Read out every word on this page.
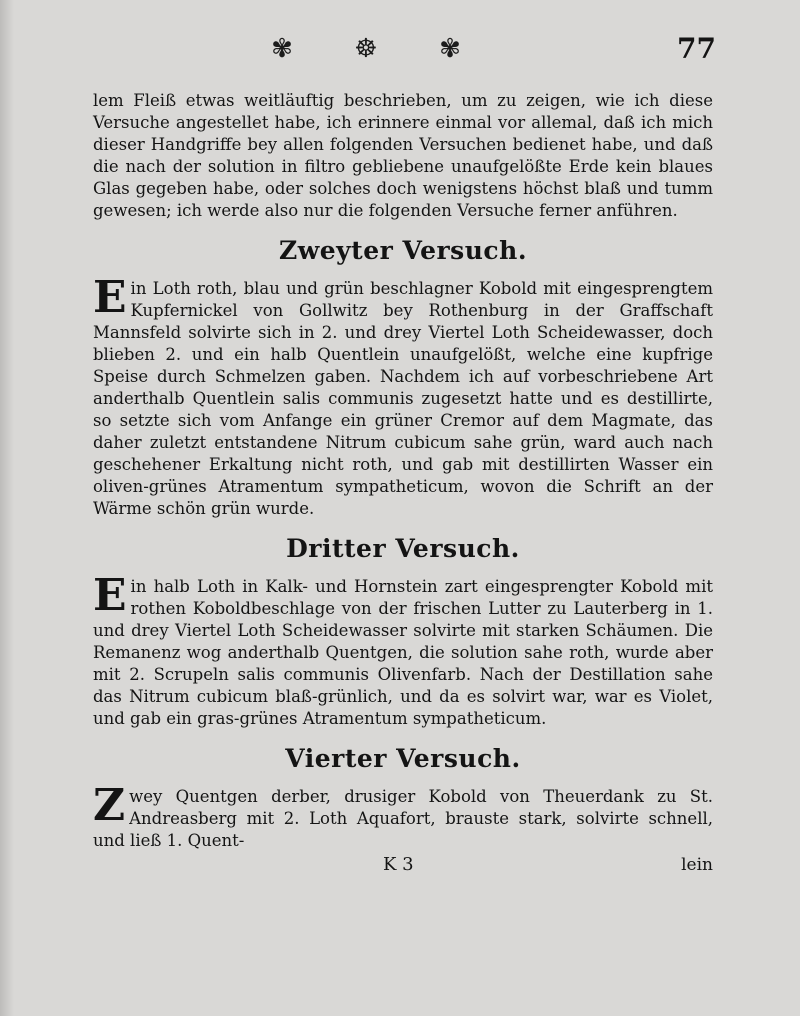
✾ ☸ ✾	77

lem Fleiß etwas weitläuftig beschrieben, um zu zeigen, wie ich diese Versuche angestellet habe, ich erinnere einmal vor allemal, daß ich mich dieser Handgriffe bey allen folgenden Versuchen bedienet habe, und daß die nach der solution in filtro gebliebene unaufgelößte Erde kein blaues Glas gegeben habe, oder solches doch wenigstens höchst blaß und tumm gewesen; ich werde also nur die folgenden Versuche ferner anführen.

Zweyter Versuch.

Ein Loth roth, blau und grün beschlagner Kobold mit eingesprengtem Kupfernickel von Gollwitz bey Rothenburg in der Graffschaft Mannsfeld solvirte sich in 2. und drey Viertel Loth Scheidewasser, doch blieben 2. und ein halb Quentlein unaufgelößt, welche eine kupfrige Speise durch Schmelzen gaben. Nachdem ich auf vorbeschriebene Art anderthalb Quentlein salis communis zugesetzt hatte und es destillirte, so setzte sich vom Anfange ein grüner Cremor auf dem Magmate, das daher zuletzt entstandene Nitrum cubicum sahe grün, ward auch nach geschehener Erkaltung nicht roth, und gab mit destillirten Wasser ein oliven-grünes Atramentum sympatheticum, wovon die Schrift an der Wärme schön grün wurde.

Dritter Versuch.

Ein halb Loth in Kalk- und Hornstein zart eingesprengter Kobold mit rothen Koboldbeschlage von der frischen Lutter zu Lauterberg in 1. und drey Viertel Loth Scheidewasser solvirte mit starken Schäumen. Die Remanenz wog anderthalb Quentgen, die solution sahe roth, wurde aber mit 2. Scrupeln salis communis Olivenfarb. Nach der Destillation sahe das Nitrum cubicum blaß-grünlich, und da es solvirt war, war es Violet, und gab ein gras-grünes Atramentum sympatheticum.

Vierter Versuch.

Zwey Quentgen derber, drusiger Kobold von Theuerdank zu St. Andreasberg mit 2. Loth Aquafort, brauste stark, solvirte schnell, und ließ 1. Quent-

K 3	lein
